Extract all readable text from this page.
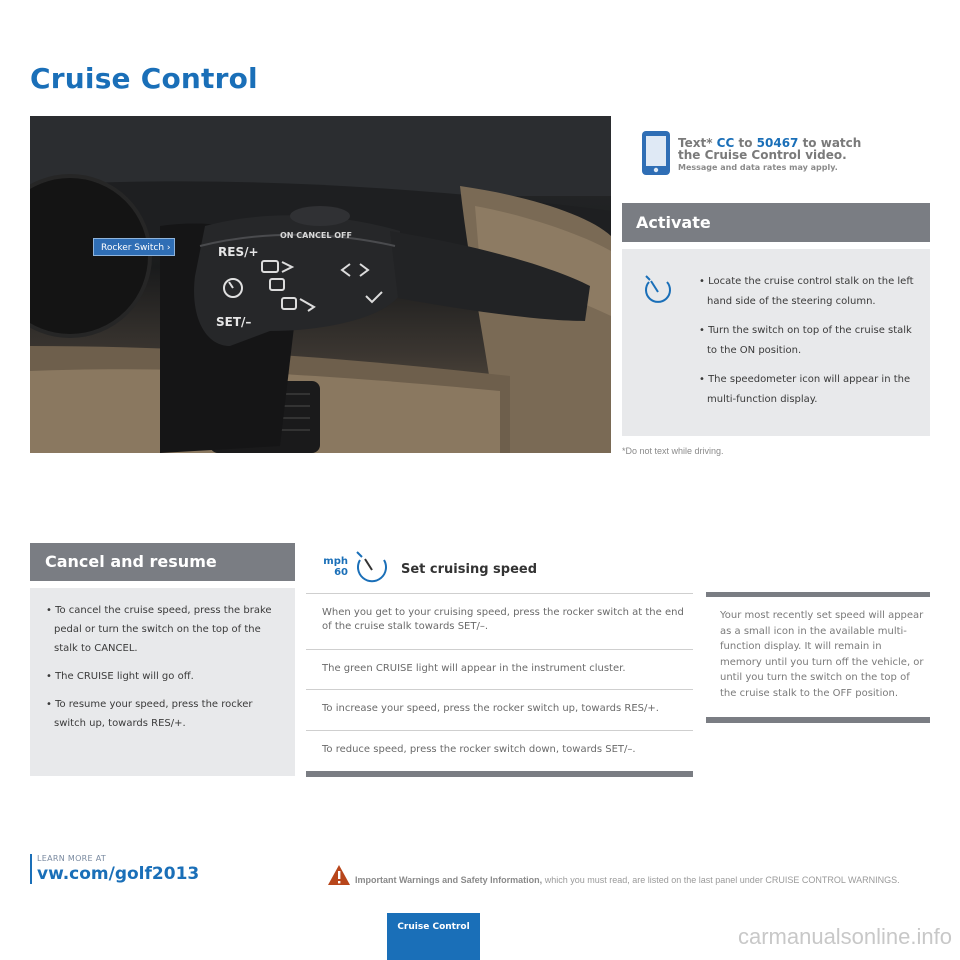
Cruise Control
ON CANCEL OFF
RES/+
SET/–
Rocker Switch ›
Text* CC to 50467 to watch
the Cruise Control video.
Message and data rates may apply.
Activate
• Locate the cruise control stalk on the left hand side of the steering column.
• Turn the switch on top of the cruise stalk to the ON position.
• The speedometer icon will appear in the multi-function display.
*Do not text while driving.
Cancel and resume
• To cancel the cruise speed, press the brake pedal or turn the switch on the top of the stalk to CANCEL.
• The CRUISE light will go off.
• To resume your speed, press the rocker switch up, towards RES/+.
mph
60	Set cruising speed
When you get to your cruising speed, press the rocker switch at the end of the cruise stalk towards SET/–.
The green CRUISE light will appear in the instrument cluster.
To increase your speed, press the rocker switch up, towards RES/+.
To reduce speed, press the rocker switch down, towards SET/–.
Your most recently set speed will appear as a small icon in the available multi-function display. It will remain in memory until you turn off the vehicle, or until you turn the switch on the top of the cruise stalk to the OFF position.
LEARN MORE AT
vw.com/golf2013	Important Warnings and Safety Information, which you must read, are listed on the last panel under CRUISE CONTROL WARNINGS.
Cruise Control	carmanualsonline.info
